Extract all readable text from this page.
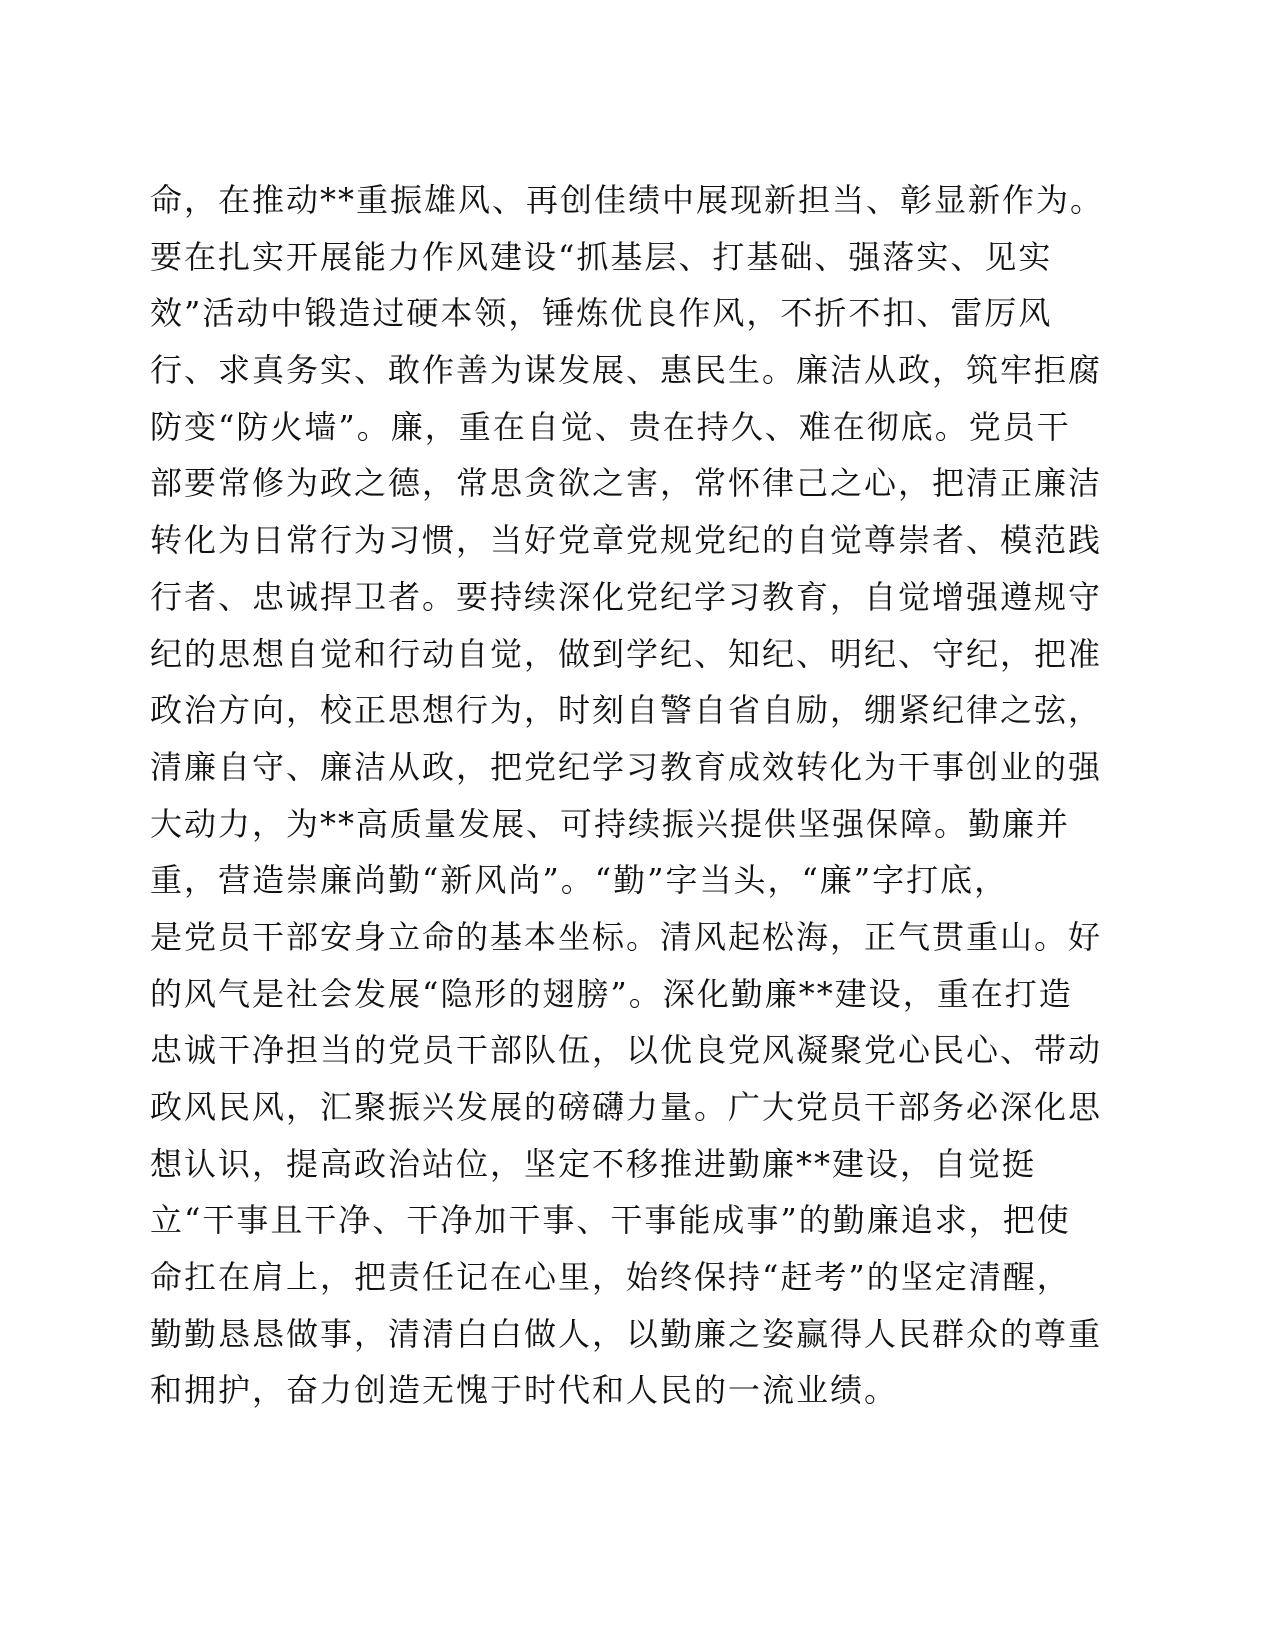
命，在推动**重振雄风、再创佳绩中展现新担当、彰显新作为。
要在扎实开展能力作风建设“抓基层、打基础、强落实、见实
效”活动中锻造过硬本领，锤炼优良作风，不折不扣、雷厉风
行、求真务实、敢作善为谋发展、惠民生。廉洁从政，筑牢拒腐
防变“防火墙”。廉，重在自觉、贵在持久、难在彻底。党员干
部要常修为政之德，常思贪欲之害，常怀律己之心，把清正廉洁
转化为日常行为习惯，当好党章党规党纪的自觉尊崇者、模范践
行者、忠诚捍卫者。要持续深化党纪学习教育，自觉增强遵规守
纪的思想自觉和行动自觉，做到学纪、知纪、明纪、守纪，把准
政治方向，校正思想行为，时刻自警自省自励，绷紧纪律之弦，
清廉自守、廉洁从政，把党纪学习教育成效转化为干事创业的强
大动力，为**高质量发展、可持续振兴提供坚强保障。勤廉并
重，营造崇廉尚勤“新风尚”。“勤”字当头，“廉”字打底，
是党员干部安身立命的基本坐标。清风起松海，正气贯重山。好
的风气是社会发展“隐形的翅膀”。深化勤廉**建设，重在打造
忠诚干净担当的党员干部队伍，以优良党风凝聚党心民心、带动
政风民风，汇聚振兴发展的磅礴力量。广大党员干部务必深化思
想认识，提高政治站位，坚定不移推进勤廉**建设，自觉挺
立“干事且干净、干净加干事、干事能成事”的勤廉追求，把使
命扛在肩上，把责任记在心里，始终保持“赶考”的坚定清醒，
勤勤恳恳做事，清清白白做人，以勤廉之姿赢得人民群众的尊重
和拥护，奋力创造无愧于时代和人民的一流业绩。
